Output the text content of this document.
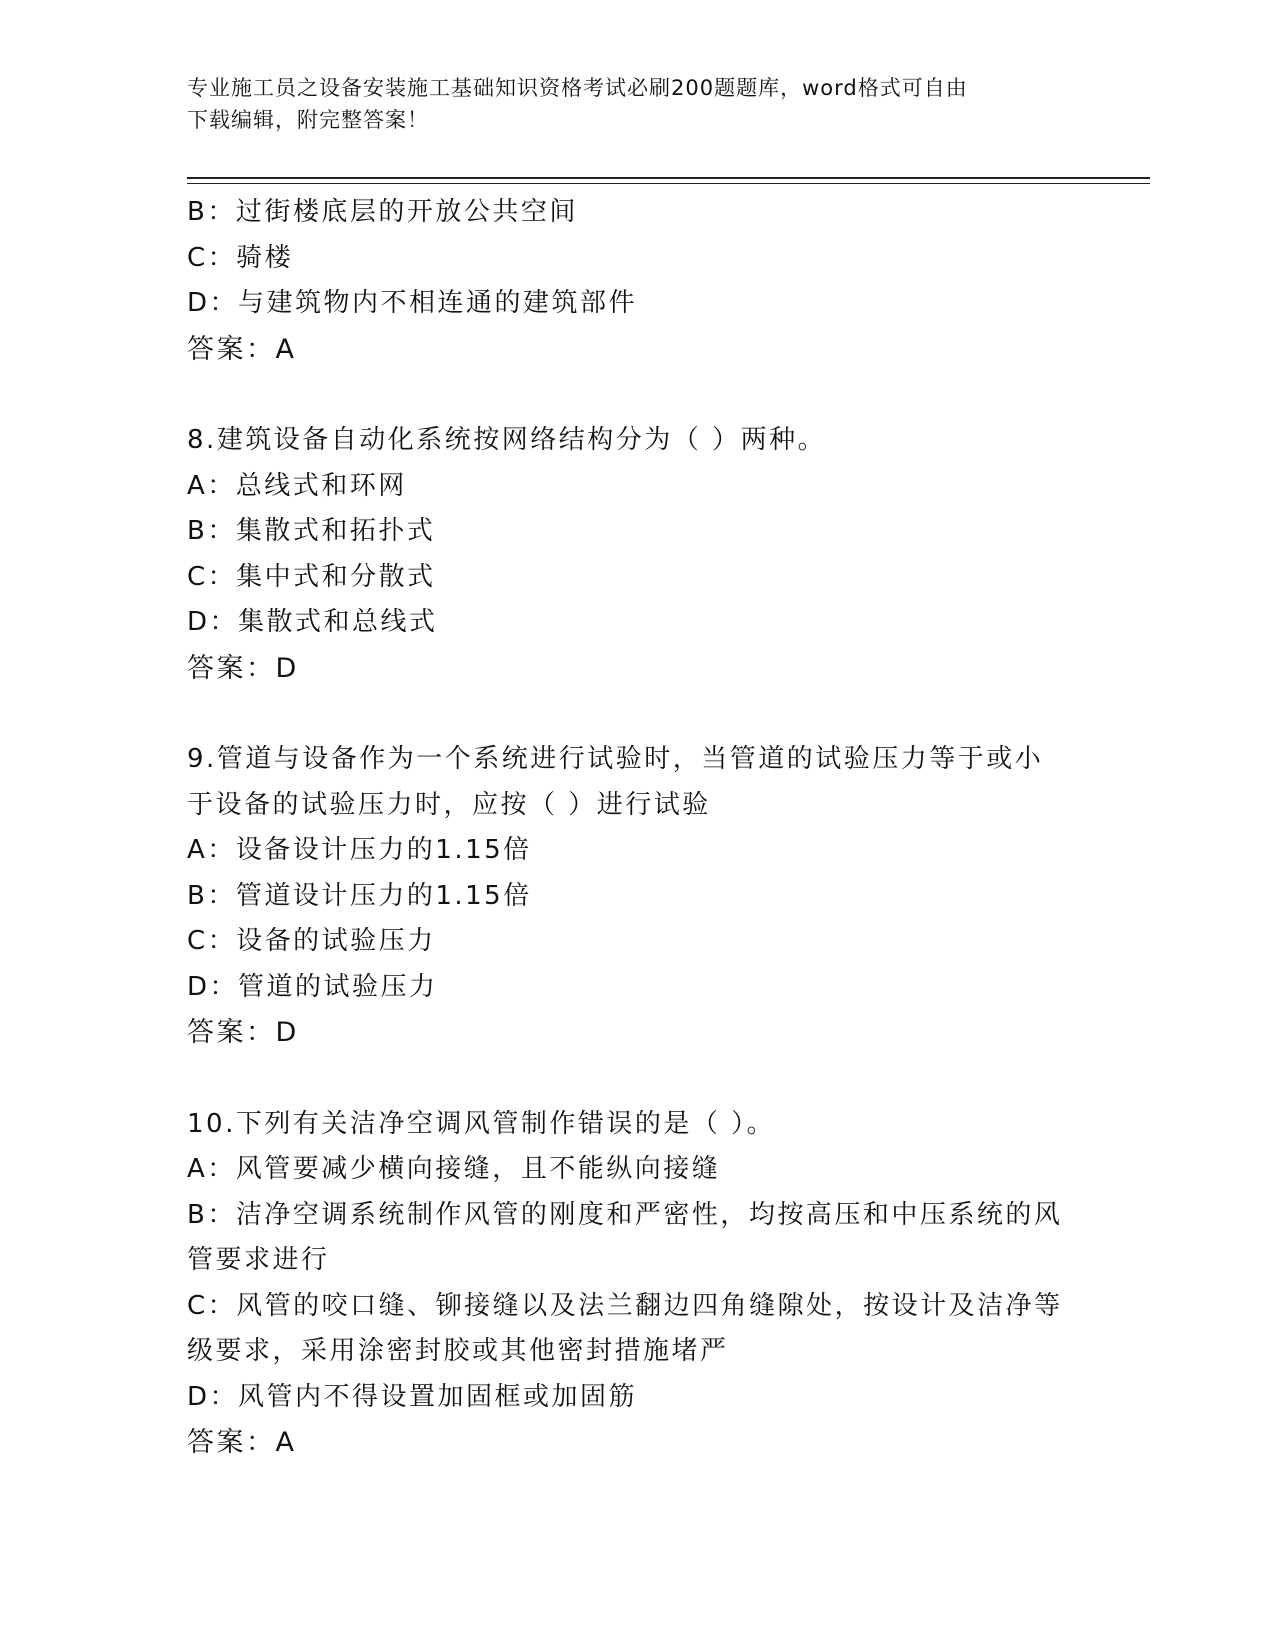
专业施工员之设备安装施工基础知识资格考试必刷200题题库，word格式可自由
下载编辑，附完整答案！
B：过街楼底层的开放公共空间
C：骑楼
D：与建筑物内不相连通的建筑部件
答案：A
8.建筑设备自动化系统按网络结构分为（ ）两种。
A：总线式和环网
B：集散式和拓扑式
C：集中式和分散式
D：集散式和总线式
答案：D
9.管道与设备作为一个系统进行试验时，当管道的试验压力等于或小
于设备的试验压力时，应按（ ）进行试验
A：设备设计压力的1.15倍
B：管道设计压力的1.15倍
C：设备的试验压力
D：管道的试验压力
答案：D
10.下列有关洁净空调风管制作错误的是（ ）。
A：风管要减少横向接缝，且不能纵向接缝
B：洁净空调系统制作风管的刚度和严密性，均按高压和中压系统的风
管要求进行
C：风管的咬口缝、铆接缝以及法兰翻边四角缝隙处，按设计及洁净等
级要求，采用涂密封胶或其他密封措施堵严
D：风管内不得设置加固框或加固筋
答案：A
